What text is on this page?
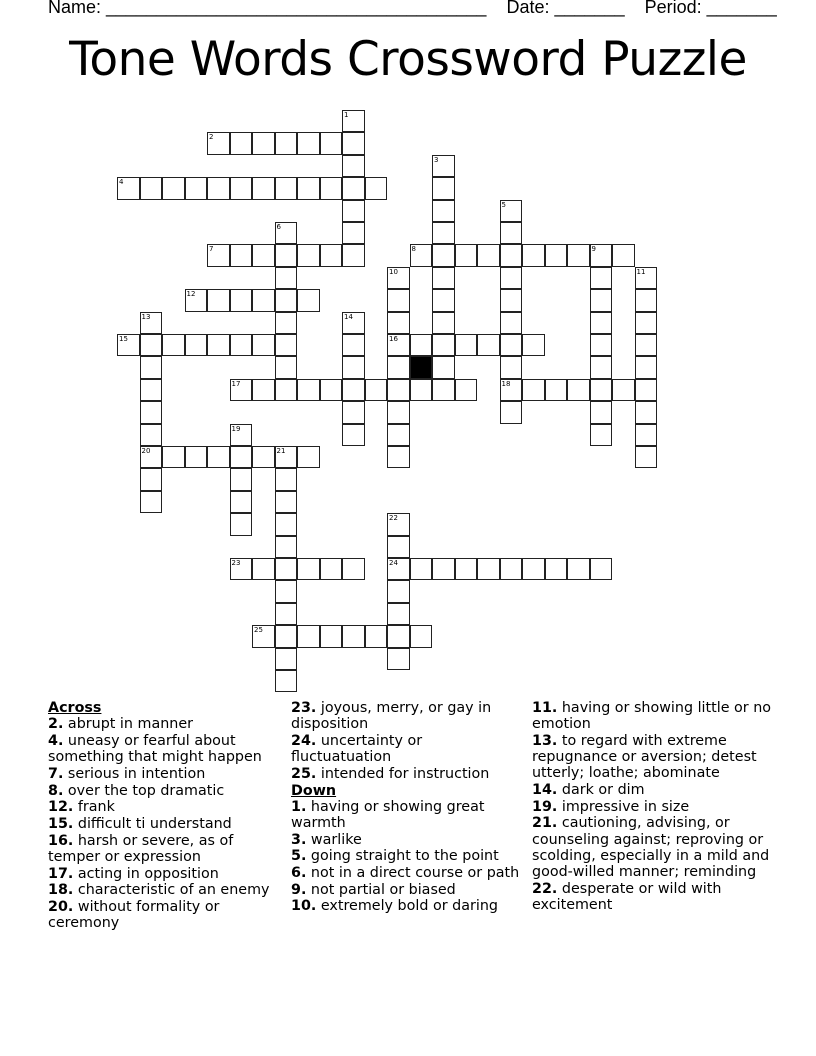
Name: ______________________________________ Date: _______ Period: _______
Tone Words Crossword Puzzle
1
2
3
4
5
18
6
7	8	9
10
16
11
12
13
20
14
15
17
19
21
22
24
23
25
Across
2. abrupt in manner
4. uneasy or fearful about something that might happen
7. serious in intention
8. over the top dramatic
12. frank
15. difficult ti understand
16. harsh or severe, as of temper or expression
17. acting in opposition
18. characteristic of an enemy
20. without formality or ceremony
23. joyous, merry, or gay in disposition
24. uncertainty or fluctuatuation
25. intended for instruction
Down
1. having or showing great warmth
3. warlike
5. going straight to the point
6. not in a direct course or path
9. not partial or biased
10. extremely bold or daring
11. having or showing little or no emotion
13. to regard with extreme repugnance or aversion; detest utterly; loathe; abominate
14. dark or dim
19. impressive in size
21. cautioning, advising, or counseling against; reproving or scolding, especially in a mild and good-willed manner; reminding
22. desperate or wild with excitement
